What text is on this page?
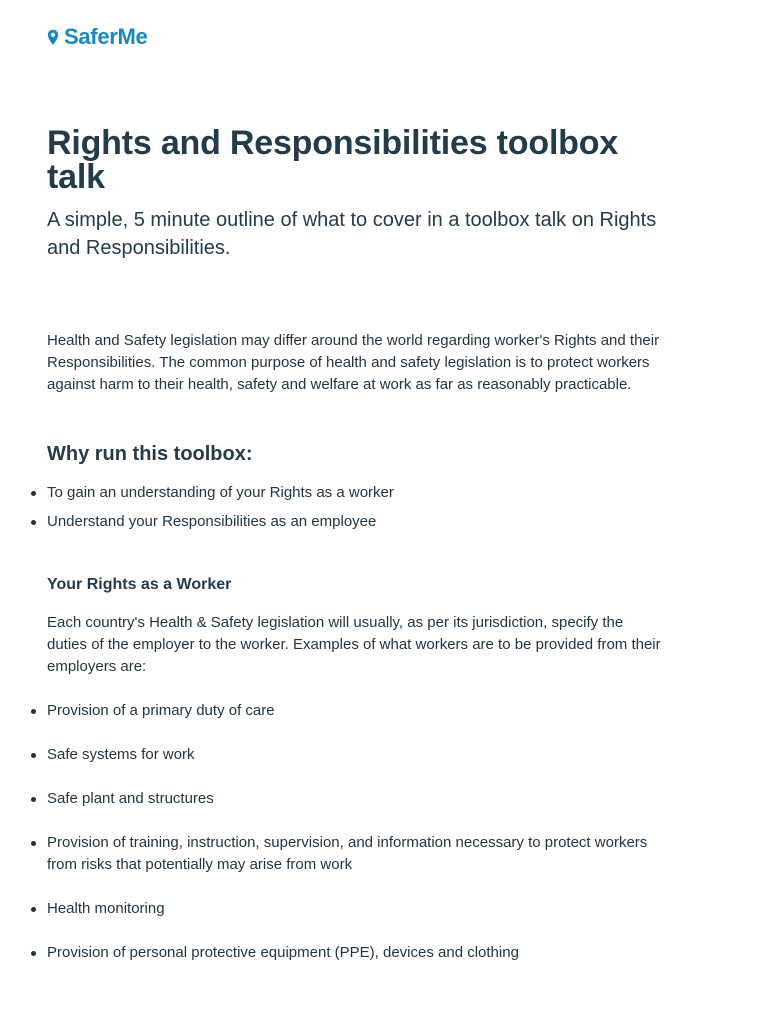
SaferMe
Rights and Responsibilities toolbox talk

A simple, 5 minute outline of what to cover in a toolbox talk on Rights and Responsibilities.

Health and Safety legislation may differ around the world regarding worker's Rights and their Responsibilities. The common purpose of health and safety legislation is to protect workers against harm to their health, safety and welfare at work as far as reasonably practicable.

Why run this toolbox:
To gain an understanding of your Rights as a worker
Understand your Responsibilities as an employee
Your Rights as a Worker

Each country's Health & Safety legislation will usually, as per its jurisdiction, specify the duties of the employer to the worker. Examples of what workers are to be provided from their employers are:

Provision of a primary duty of care
Safe systems for work
Safe plant and structures
Provision of training, instruction, supervision, and information necessary to protect workers from risks that potentially may arise from work
Health monitoring
Provision of personal protective equipment (PPE), devices and clothing
